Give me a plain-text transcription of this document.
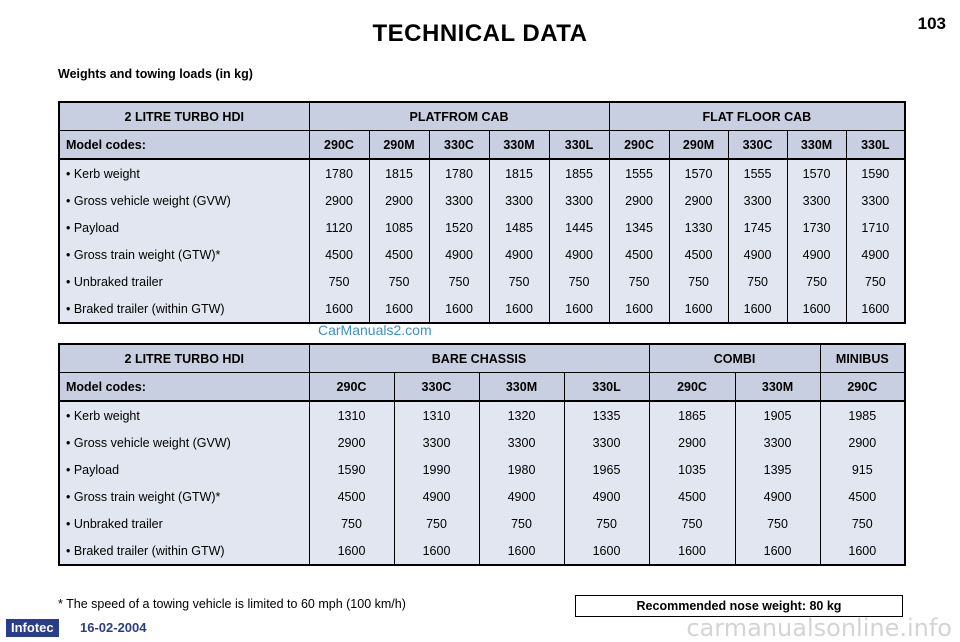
TECHNICAL DATA	103
Weights and towing loads (in kg)
2 LITRE TURBO HDI	PLATFROM CAB					FLAT FLOOR CAB				
Model codes:	290C	290M	330C	330M	330L	290C	290M	330C	330M	330L
• Kerb weight	1780	1815	1780	1815	1855	1555	1570	1555	1570	1590
• Gross vehicle weight (GVW)	2900	2900	3300	3300	3300	2900	2900	3300	3300	3300
• Payload	1120	1085	1520	1485	1445	1345	1330	1745	1730	1710
• Gross train weight (GTW)*	4500	4500	4900	4900	4900	4500	4500	4900	4900	4900
• Unbraked trailer	750	750	750	750	750	750	750	750	750	750
• Braked trailer (within GTW)	1600	1600	1600	1600	1600	1600	1600	1600	1600	1600
CarManuals2.com
2 LITRE TURBO HDI	BARE CHASSIS				COMBI		MINIBUS
Model codes:	290C	330C	330M	330L	290C	330M	290C
• Kerb weight	1310	1310	1320	1335	1865	1905	1985
• Gross vehicle weight (GVW)	2900	3300	3300	3300	2900	3300	2900
• Payload	1590	1990	1980	1965	1035	1395	915
• Gross train weight (GTW)*	4500	4900	4900	4900	4500	4900	4500
• Unbraked trailer	750	750	750	750	750	750	750
• Braked trailer (within GTW)	1600	1600	1600	1600	1600	1600	1600
* The speed of a towing vehicle is limited to 60 mph (100 km/h)	Recommended nose weight: 80 kg
Infotec	16-02-2004	carmanualsonline.info
